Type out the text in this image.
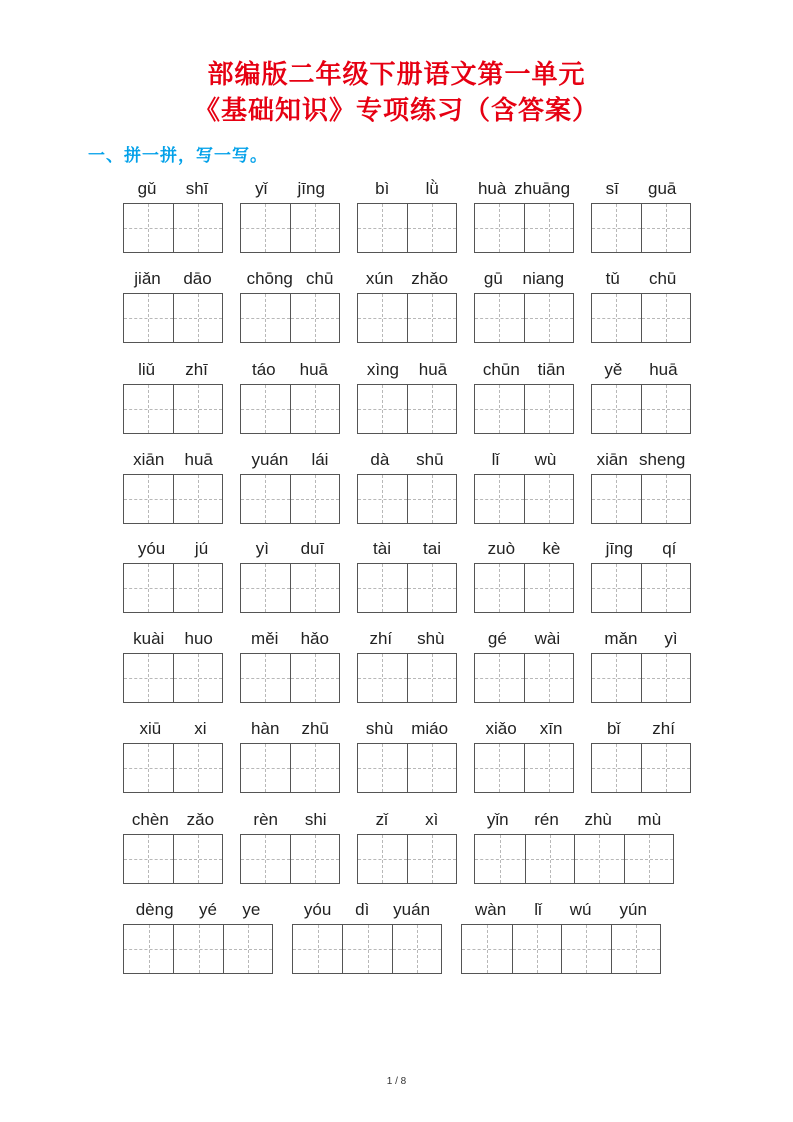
部编版二年级下册语文第一单元
《基础知识》专项练习（含答案）
一、拼一拼，写一写。
gǔ shī	yǐ jīng	bì lǜ huà zhuāng sī guā
jiǎn dāo chōng chū xún zhǎo gū niang tǔ chū
liǔ zhī	táo huā xìng huā chūn tiān yě huā
xiān huā yuán lái dà shū	lǐ wù xiān sheng
yóu jú	yì duī	tài tai	zuò kè	jīng qí
kuài huo měi hǎo zhí shù	gé wài	mǎn yì
xiū xi	hàn zhū shù miáo xiǎo xīn	bǐ zhí
chèn zǎo rèn shi	zǐ xì	yǐn rén zhù mù
dèng yé ye	yóu dì yuán	wàn lǐ wú yún
1 / 8
